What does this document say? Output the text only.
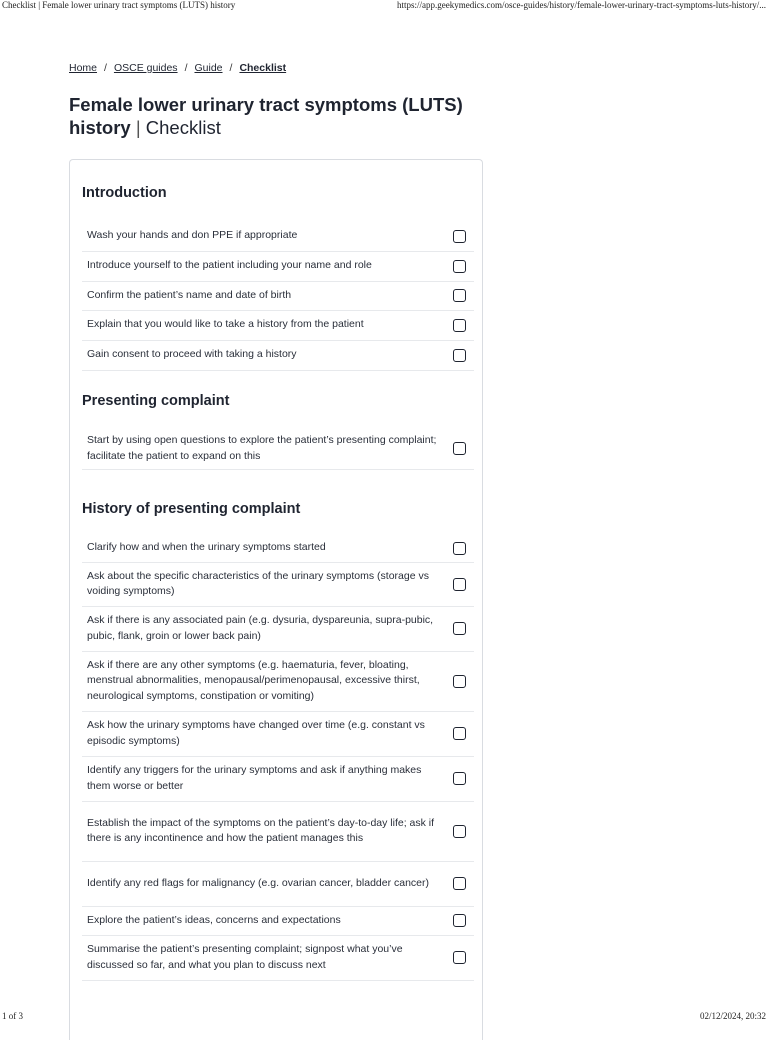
Checklist | Female lower urinary tract symptoms (LUTS) history	https://app.geekymedics.com/osce-guides/history/female-lower-urinary-tract-symptoms-luts-history/...
Home / OSCE guides / Guide / Checklist
Female lower urinary tract symptoms (LUTS) history | Checklist
Introduction
Wash your hands and don PPE if appropriate
Introduce yourself to the patient including your name and role
Confirm the patient’s name and date of birth
Explain that you would like to take a history from the patient
Gain consent to proceed with taking a history
Presenting complaint
Start by using open questions to explore the patient’s presenting complaint; facilitate the patient to expand on this
History of presenting complaint
Clarify how and when the urinary symptoms started
Ask about the specific characteristics of the urinary symptoms (storage vs voiding symptoms)
Ask if there is any associated pain (e.g. dysuria, dyspareunia, supra-pubic, pubic, flank, groin or lower back pain)
Ask if there are any other symptoms (e.g. haematuria, fever, bloating, menstrual abnormalities, menopausal/perimenopausal, excessive thirst, neurological symptoms, constipation or vomiting)
Ask how the urinary symptoms have changed over time (e.g. constant vs episodic symptoms)
Identify any triggers for the urinary symptoms and ask if anything makes them worse or better
Establish the impact of the symptoms on the patient’s day-to-day life; ask if there is any incontinence and how the patient manages this
Identify any red flags for malignancy (e.g. ovarian cancer, bladder cancer)
Explore the patient’s ideas, concerns and expectations
Summarise the patient’s presenting complaint; signpost what you’ve discussed so far, and what you plan to discuss next
1 of 3	02/12/2024, 20:32
